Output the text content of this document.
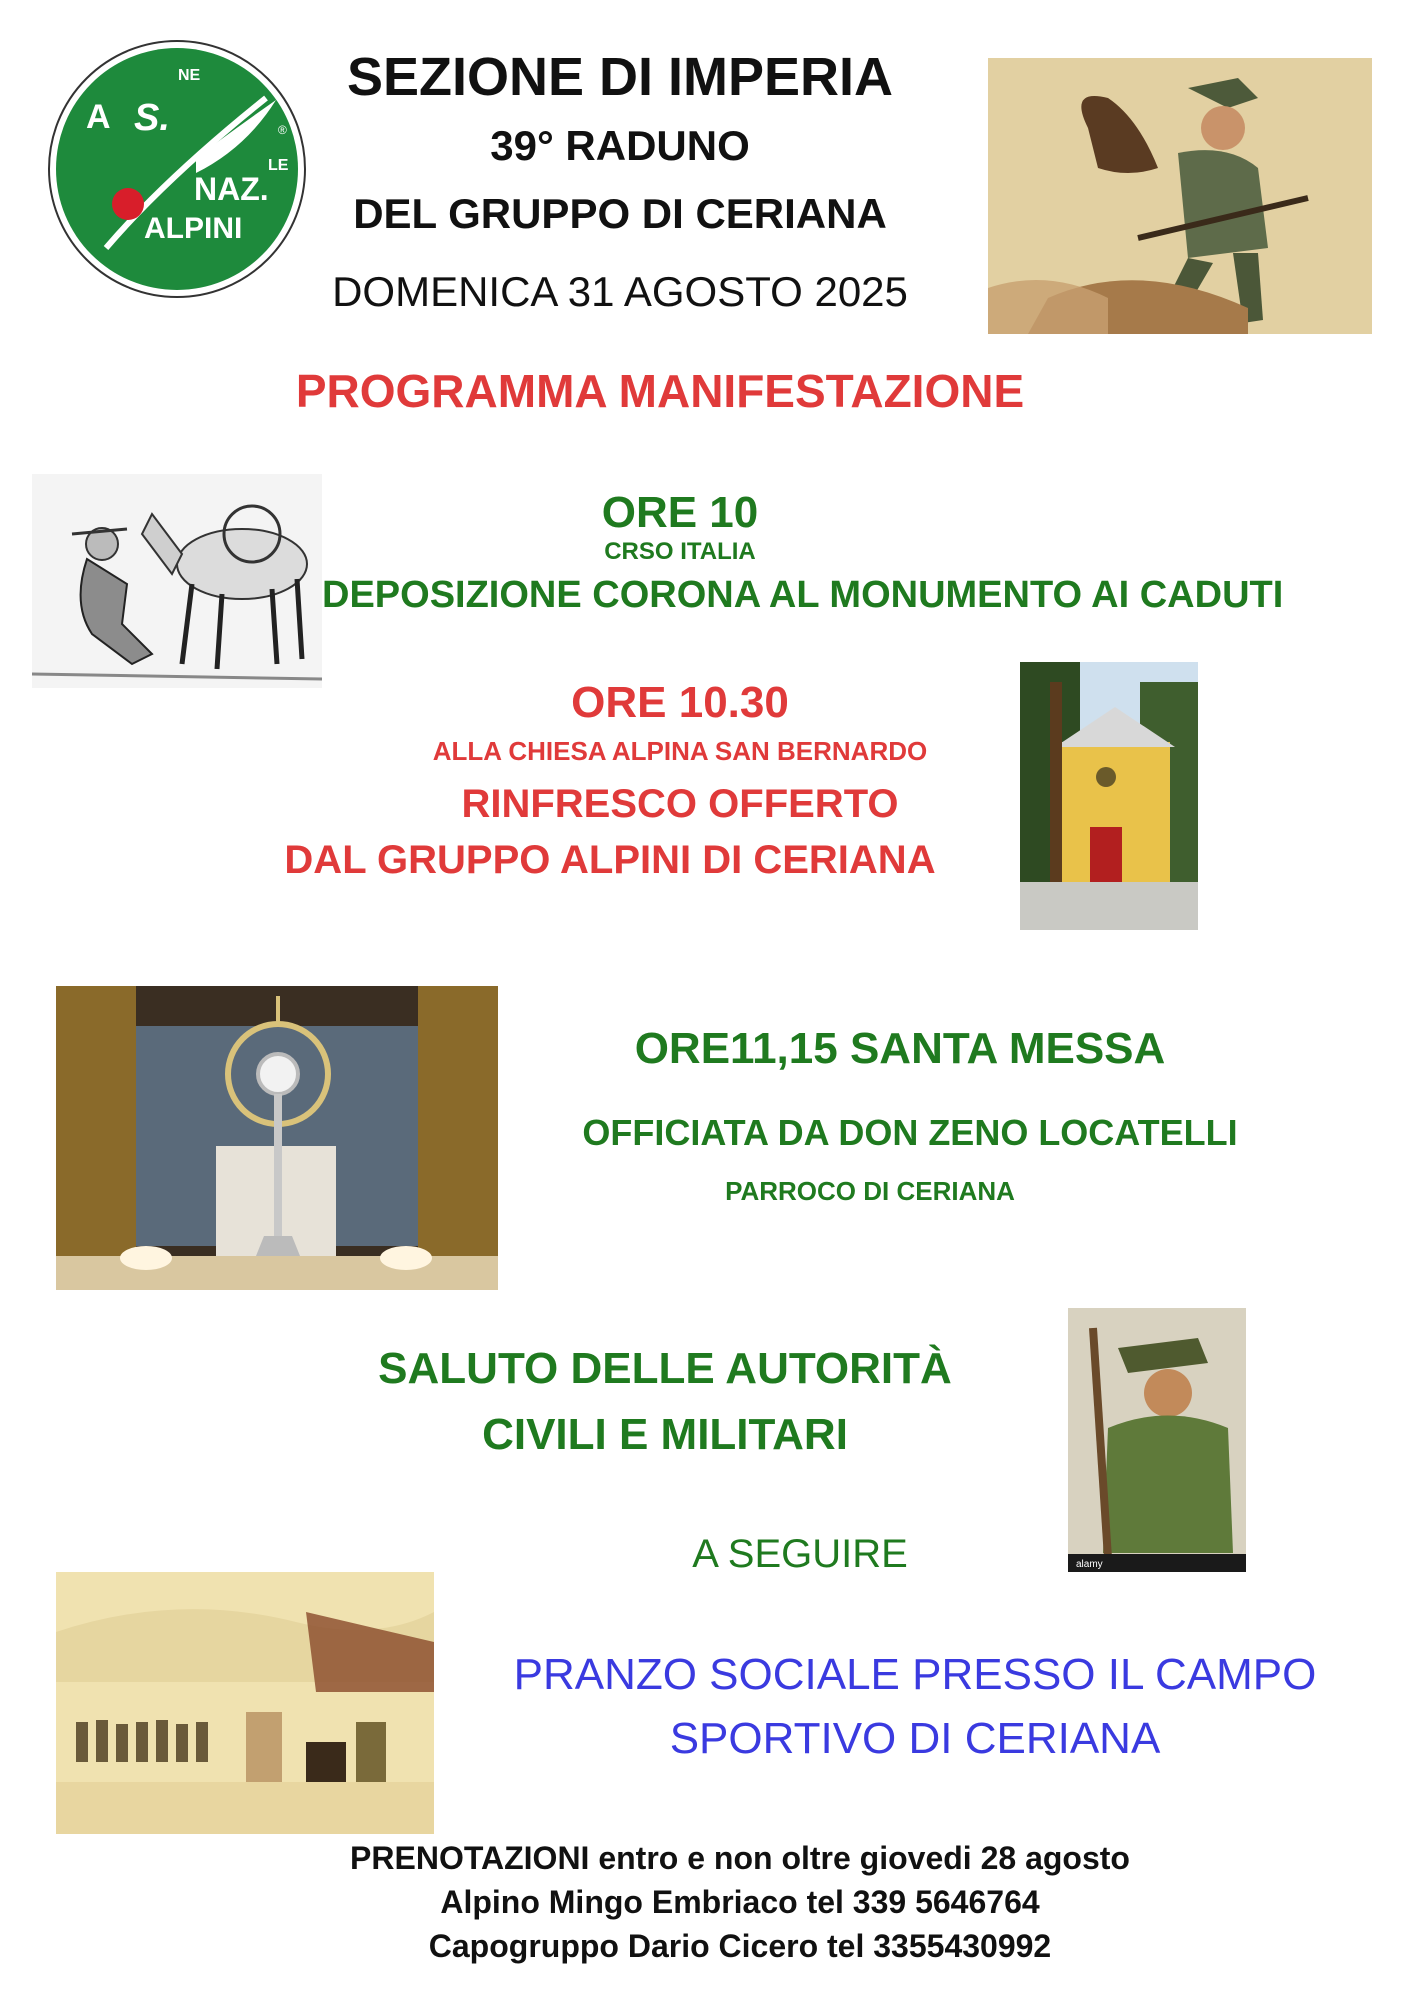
A S.
NE
LE
NAZ.
ALPINI
®
SEZIONE DI IMPERIA
39° RADUNO
DEL GRUPPO DI CERIANA
DOMENICA 31 AGOSTO 2025
PROGRAMMA MANIFESTAZIONE
ORE 10
CRSO ITALIA
DEPOSIZIONE CORONA AL MONUMENTO AI CADUTI
ORE 10.30
ALLA CHIESA ALPINA SAN BERNARDO
RINFRESCO OFFERTO
DAL GRUPPO ALPINI DI CERIANA
ORE11,15 SANTA MESSA
OFFICIATA DA DON ZENO LOCATELLI
PARROCO DI CERIANA
SALUTO DELLE AUTORITÀ
CIVILI E MILITARI
A SEGUIRE	alamy
PRANZO SOCIALE PRESSO IL CAMPO
SPORTIVO DI CERIANA
PRENOTAZIONI entro e non oltre giovedi 28 agosto
Alpino Mingo Embriaco tel 339 5646764
Capogruppo Dario Cicero tel 3355430992
